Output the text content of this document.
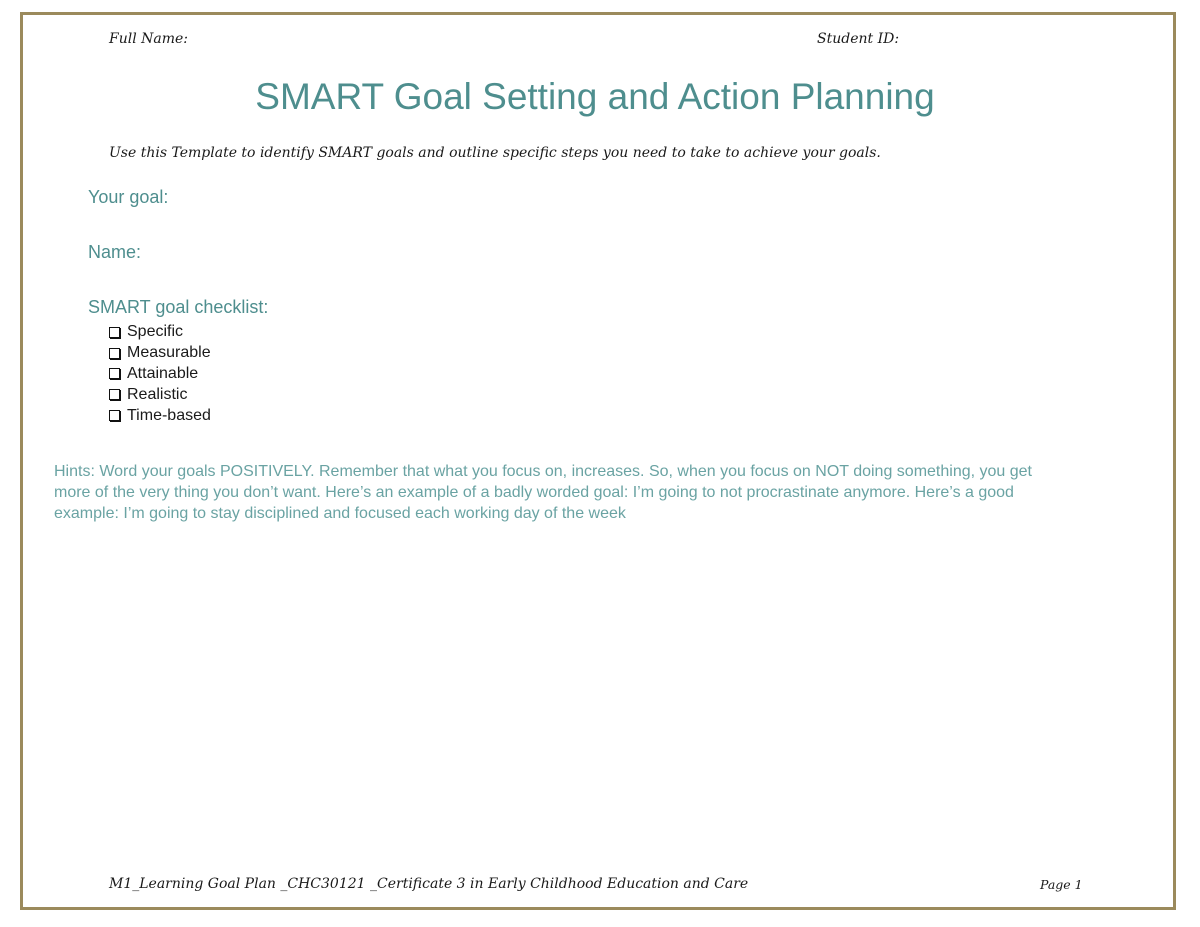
Full Name:	Student ID:
SMART Goal Setting and Action Planning
Use this Template to identify SMART goals and outline specific steps you need to take to achieve your goals.
Your goal:
Name:
SMART goal checklist:
Specific
Measurable
Attainable
Realistic
Time-based
Hints: Word your goals POSITIVELY. Remember that what you focus on, increases. So, when you focus on NOT doing something, you get more of the very thing you don’t want. Here’s an example of a badly worded goal: I’m going to not procrastinate anymore. Here’s a good example: I’m going to stay disciplined and focused each working day of the week
M1_Learning Goal Plan _CHC30121 _Certificate 3 in Early Childhood Education and Care	Page 1
